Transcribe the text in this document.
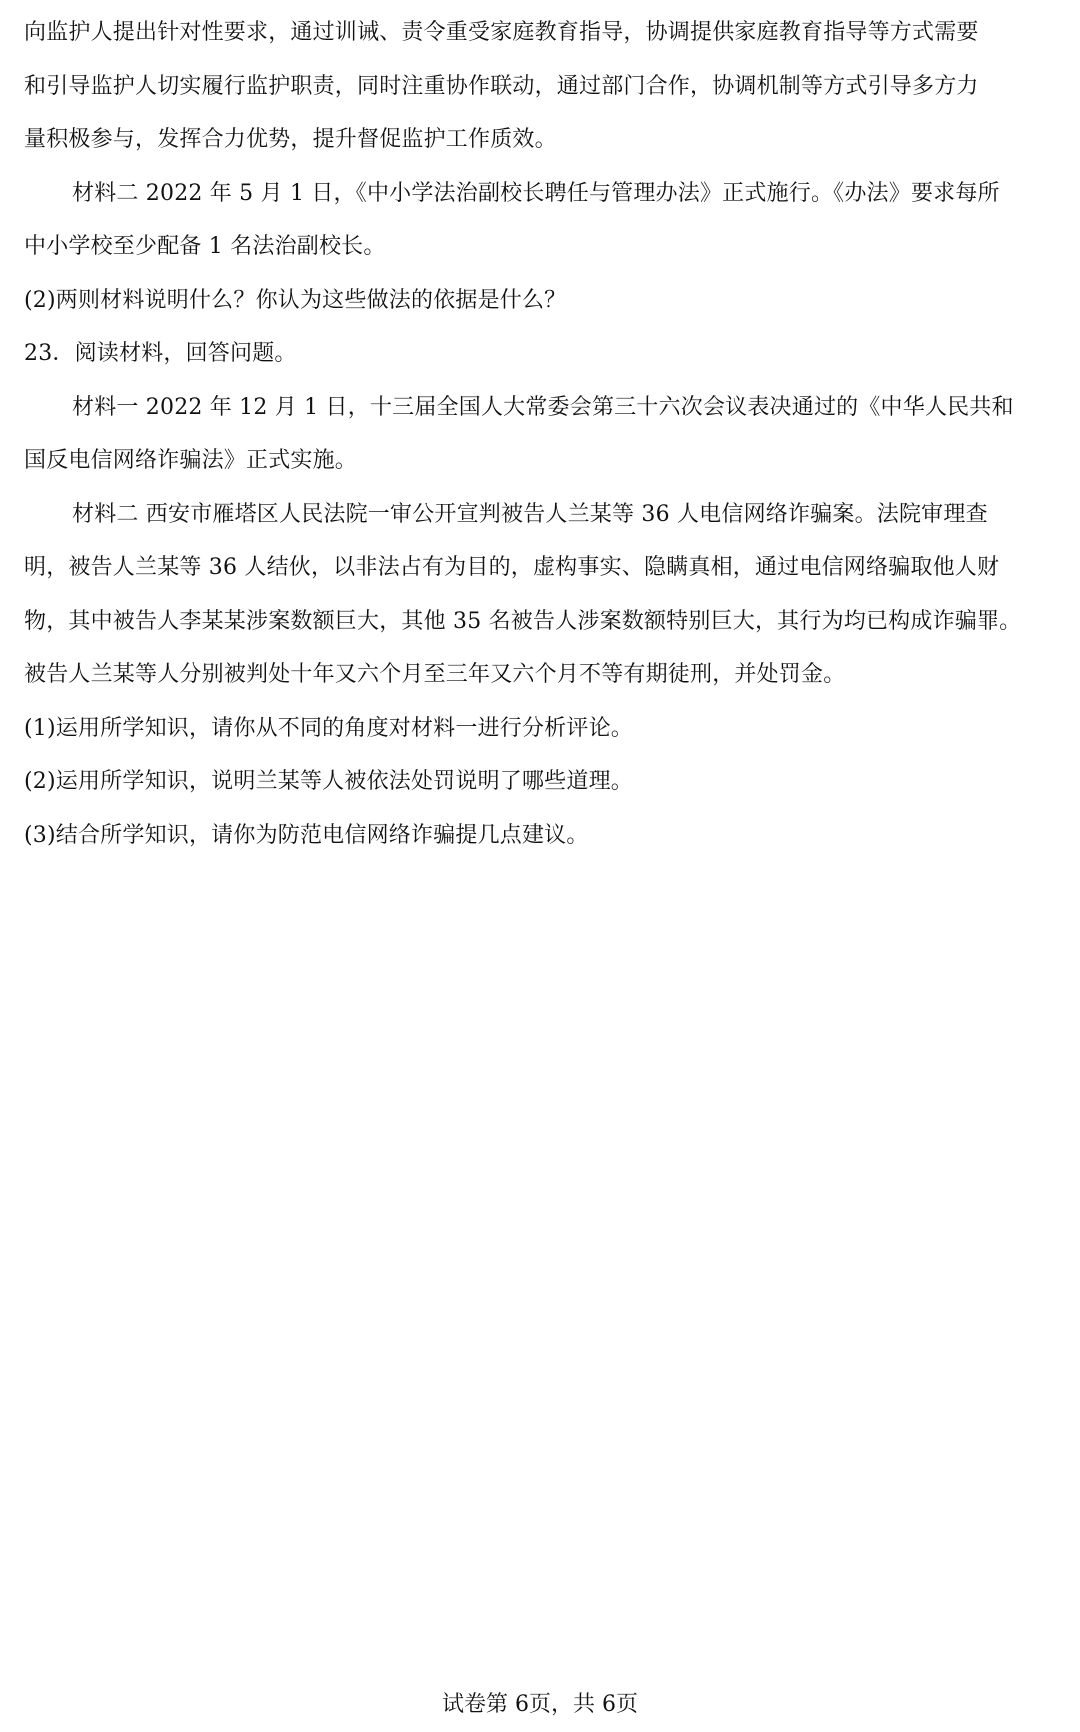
向监护人提出针对性要求，通过训诫、责令重受家庭教育指导，协调提供家庭教育指导等方式需要
和引导监护人切实履行监护职责，同时注重协作联动，通过部门合作，协调机制等方式引导多方力
量积极参与，发挥合力优势，提升督促监护工作质效。
材料二 2022 年 5 月 1 日，《中小学法治副校长聘任与管理办法》正式施行。《办法》要求每所
中小学校至少配备 1 名法治副校长。
(2)两则材料说明什么？你认为这些做法的依据是什么？
23．阅读材料，回答问题。
材料一 2022 年 12 月 1 日，十三届全国人大常委会第三十六次会议表决通过的《中华人民共和
国反电信网络诈骗法》正式实施。
材料二 西安市雁塔区人民法院一审公开宣判被告人兰某等 36 人电信网络诈骗案。法院审理查
明，被告人兰某等 36 人结伙，以非法占有为目的，虚构事实、隐瞒真相，通过电信网络骗取他人财
物，其中被告人李某某涉案数额巨大，其他 35 名被告人涉案数额特别巨大，其行为均已构成诈骗罪。
被告人兰某等人分别被判处十年又六个月至三年又六个月不等有期徒刑，并处罚金。
(1)运用所学知识，请你从不同的角度对材料一进行分析评论。
(2)运用所学知识，说明兰某等人被依法处罚说明了哪些道理。
(3)结合所学知识，请你为防范电信网络诈骗提几点建议。
试卷第 6页，共 6页
